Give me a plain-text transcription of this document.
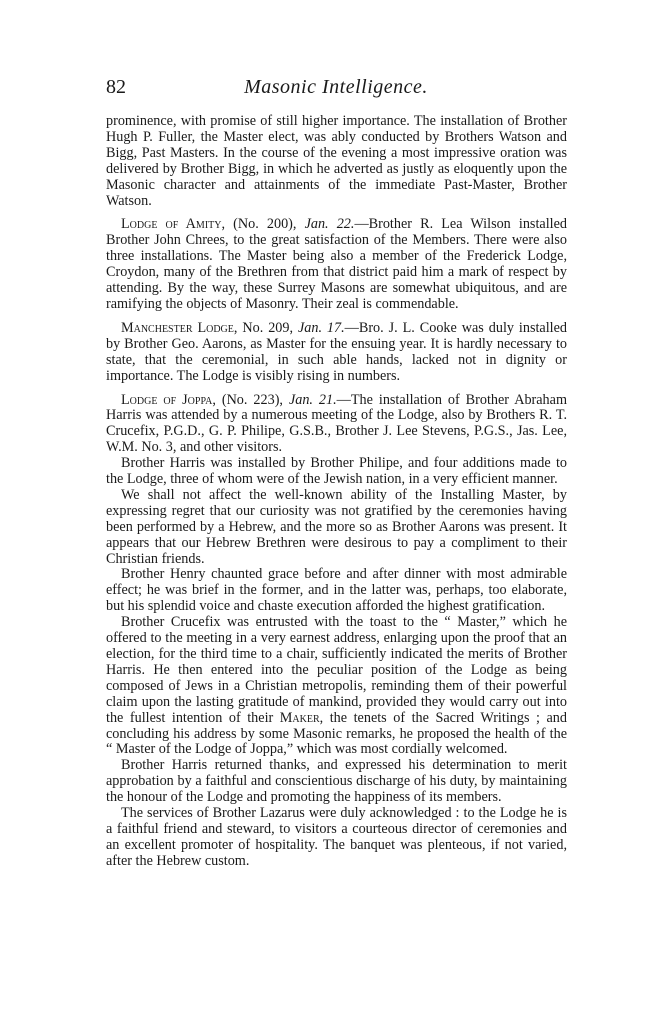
82	Masonic Intelligence.

prominence, with promise of still higher importance. The installation of Brother Hugh P. Fuller, the Master elect, was ably conducted by Brothers Watson and Bigg, Past Masters. In the course of the evening a most impressive oration was delivered by Brother Bigg, in which he adverted as justly as eloquently upon the Masonic character and attainments of the immediate Past-Master, Brother Watson.

Lodge of Amity, (No. 200), Jan. 22.—Brother R. Lea Wilson installed Brother John Chrees, to the great satisfaction of the Members. There were also three installations. The Master being also a member of the Frederick Lodge, Croydon, many of the Brethren from that district paid him a mark of respect by attending. By the way, these Surrey Masons are somewhat ubiquitous, and are ramifying the objects of Masonry. Their zeal is commendable.

Manchester Lodge, No. 209, Jan. 17.—Bro. J. L. Cooke was duly installed by Brother Geo. Aarons, as Master for the ensuing year. It is hardly necessary to state, that the ceremonial, in such able hands, lacked not in dignity or importance. The Lodge is visibly rising in numbers.

Lodge of Joppa, (No. 223), Jan. 21.—The installation of Brother Abraham Harris was attended by a numerous meeting of the Lodge, also by Brothers R. T. Crucefix, P.G.D., G. P. Philipe, G.S.B., Brother J. Lee Stevens, P.G.S., Jas. Lee, W.M. No. 3, and other visitors.

Brother Harris was installed by Brother Philipe, and four additions made to the Lodge, three of whom were of the Jewish nation, in a very efficient manner.

We shall not affect the well-known ability of the Installing Master, by expressing regret that our curiosity was not gratified by the ceremonies having been performed by a Hebrew, and the more so as Brother Aarons was present. It appears that our Hebrew Brethren were desirous to pay a compliment to their Christian friends.

Brother Henry chaunted grace before and after dinner with most admirable effect; he was brief in the former, and in the latter was, perhaps, too elaborate, but his splendid voice and chaste execution afforded the highest gratification.

Brother Crucefix was entrusted with the toast to the “ Master,” which he offered to the meeting in a very earnest address, enlarging upon the proof that an election, for the third time to a chair, sufficiently indicated the merits of Brother Harris. He then entered into the peculiar position of the Lodge as being composed of Jews in a Christian metropolis, reminding them of their powerful claim upon the lasting gratitude of mankind, provided they would carry out into the fullest intention of their Maker, the tenets of the Sacred Writings ; and concluding his address by some Masonic remarks, he proposed the health of the “ Master of the Lodge of Joppa,” which was most cordially welcomed.

Brother Harris returned thanks, and expressed his determination to merit approbation by a faithful and conscientious discharge of his duty, by maintaining the honour of the Lodge and promoting the happiness of its members.

The services of Brother Lazarus were duly acknowledged : to the Lodge he is a faithful friend and steward, to visitors a courteous director of ceremonies and an excellent promoter of hospitality. The banquet was plenteous, if not varied, after the Hebrew custom.
